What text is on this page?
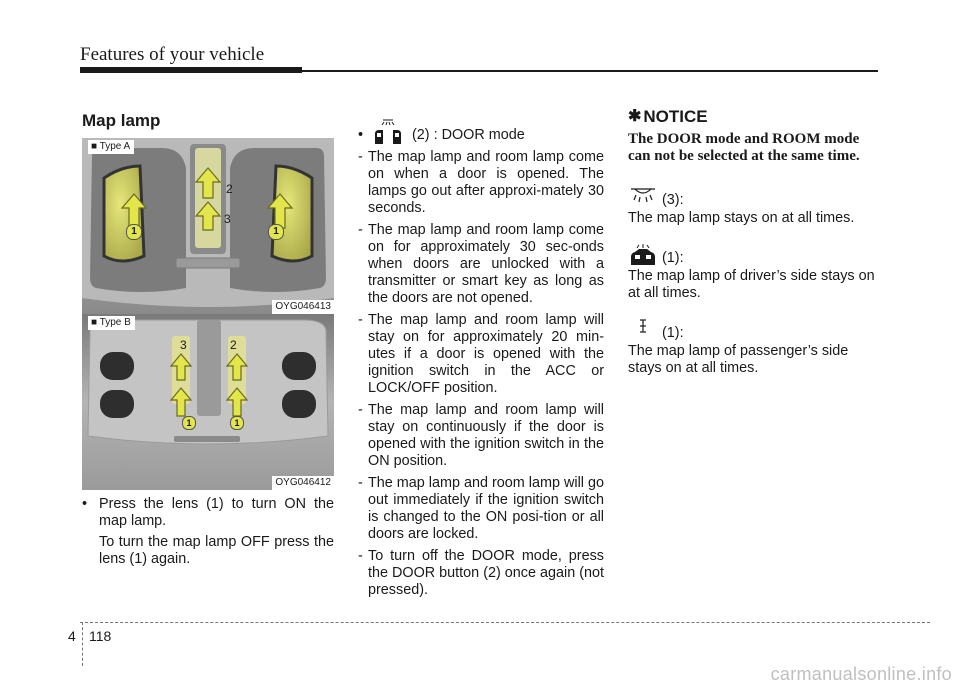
Features of your vehicle
Map lamp
■ Type A
2
3
1	1
OYG046413
■ Type B
3	2
1	1
OYG046412

• Press the lens (1) to turn ON the map lamp.

To turn the map lamp OFF press the lens (1) again.

•	(2) : DOOR mode

- The map lamp and room lamp come on when a door is opened. The lamps go out after approxi-mately 30 seconds.

- The map lamp and room lamp come on for approximately 30 sec-onds when doors are unlocked with a transmitter or smart key as long as the doors are not opened.

- The map lamp and room lamp will stay on for approximately 20 min-utes if a door is opened with the ignition switch in the ACC or LOCK/OFF position.

- The map lamp and room lamp will stay on continuously if the door is opened with the ignition switch in the ON position.

- The map lamp and room lamp will go out immediately if the ignition switch is changed to the ON posi-tion or all doors are locked.

- To turn off the DOOR mode, press the DOOR button (2) once again (not pressed).

✱ NOTICE

The DOOR mode and ROOM mode can not be selected at the same time.

(3):

The map lamp stays on at all times.

(1):

The map lamp of driver’s side stays on at all times.

(1):

The map lamp of passenger’s side stays on at all times.

4 118
carmanualsonline.info
